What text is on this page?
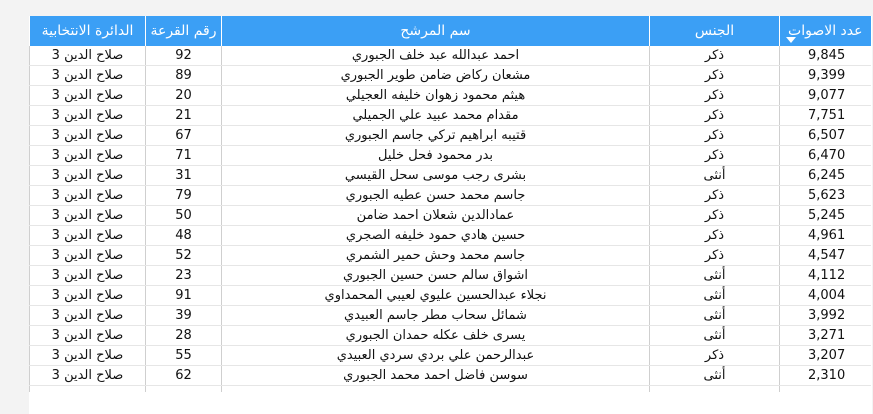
عدد الاصوات	الجنس	سم المرشح	رقم القرعة	الدائرة الانتخابية
9,845	ذكر	احمد عبدالله عبد خلف الجبوري	92	صلاح الدين 3
9,399	ذكر	مشعان ركاض ضامن طوير الجبوري	89	صلاح الدين 3
9,077	ذكر	هيثم محمود زهوان خليفه العجيلي	20	صلاح الدين 3
7,751	ذكر	مقدام محمد عبيد علي الجميلي	21	صلاح الدين 3
6,507	ذكر	قتيبه ابراهيم تركي جاسم الجبوري	67	صلاح الدين 3
6,470	ذكر	بدر محمود فحل خليل	71	صلاح الدين 3
6,245	أنثى	بشرى رجب موسى سحل القيسي	31	صلاح الدين 3
5,623	ذكر	جاسم محمد حسن عطيه الجبوري	79	صلاح الدين 3
5,245	ذكر	عمادالدين شعلان احمد ضامن	50	صلاح الدين 3
4,961	ذكر	حسين هادي حمود خليفه الصجري	48	صلاح الدين 3
4,547	ذكر	جاسم محمد وحش حمير الشمري	52	صلاح الدين 3
4,112	أنثى	اشواق سالم حسن حسين الجبوري	23	صلاح الدين 3
4,004	أنثى	نجلاء عبدالحسين عليوي لعيبي المحمداوي	91	صلاح الدين 3
3,992	أنثى	شمائل سحاب مطر جاسم العبيدي	39	صلاح الدين 3
3,271	أنثى	يسرى خلف عكله حمدان الجبوري	28	صلاح الدين 3
3,207	ذكر	عبدالرحمن علي بردي سردي العبيدي	55	صلاح الدين 3
2,310	أنثى	سوسن فاضل احمد محمد الجبوري	62	صلاح الدين 3
